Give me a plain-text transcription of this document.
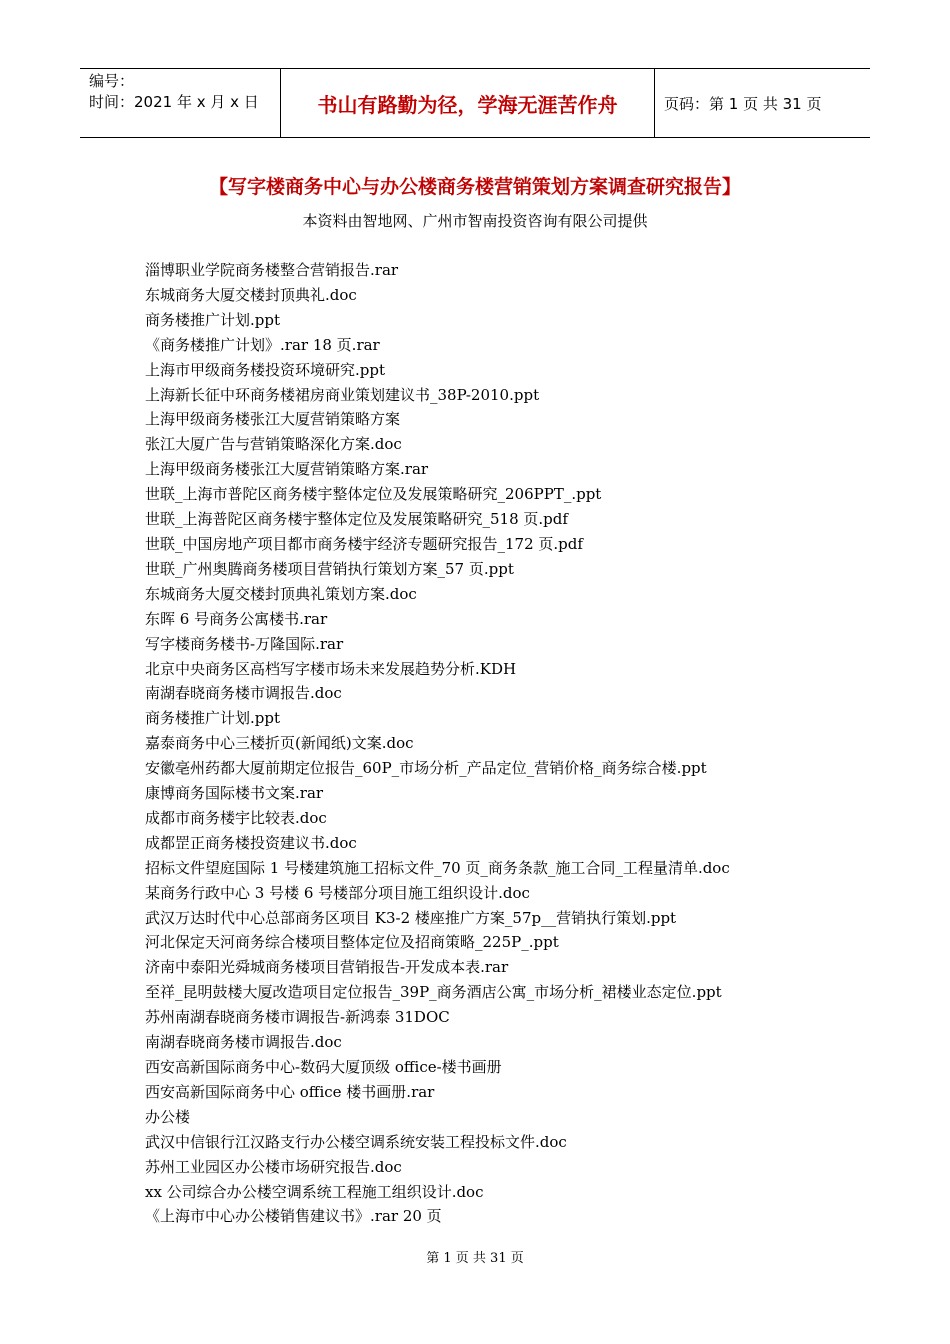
编号：
时间：2021 年 x 月 x 日	书山有路勤为径，学海无涯苦作舟	页码：第 1 页 共 31 页
【写字楼商务中心与办公楼商务楼营销策划方案调查研究报告】
本资料由智地网、广州市智南投资咨询有限公司提供
淄博职业学院商务楼整合营销报告.rar
东城商务大厦交楼封顶典礼.doc
商务楼推广计划.ppt
《商务楼推广计划》.rar 18 页.rar
上海市甲级商务楼投资环境研究.ppt
上海新长征中环商务楼裙房商业策划建议书_38P-2010.ppt
上海甲级商务楼张江大厦营销策略方案
张江大厦广告与营销策略深化方案.doc
上海甲级商务楼张江大厦营销策略方案.rar
世联_上海市普陀区商务楼宇整体定位及发展策略研究_206PPT_.ppt
世联_上海普陀区商务楼宇整体定位及发展策略研究_518 页.pdf
世联_中国房地产项目都市商务楼宇经济专题研究报告_172 页.pdf
世联_广州奥腾商务楼项目营销执行策划方案_57 页.ppt
东城商务大厦交楼封顶典礼策划方案.doc
东晖 6 号商务公寓楼书.rar
写字楼商务楼书-万隆国际.rar
北京中央商务区高档写字楼市场未来发展趋势分析.KDH
南湖春晓商务楼市调报告.doc
商务楼推广计划.ppt
嘉泰商务中心三楼折页(新闻纸)文案.doc
安徽亳州药都大厦前期定位报告_60P_市场分析_产品定位_营销价格_商务综合楼.ppt
康博商务国际楼书文案.rar
成都市商务楼宇比较表.doc
成都罡正商务楼投资建议书.doc
招标文件望庭国际 1 号楼建筑施工招标文件_70 页_商务条款_施工合同_工程量清单.doc
某商务行政中心 3 号楼 6 号楼部分项目施工组织设计.doc
武汉万达时代中心总部商务区项目 K3-2 楼座推广方案_57p__营销执行策划.ppt
河北保定天河商务综合楼项目整体定位及招商策略_225P_.ppt
济南中泰阳光舜城商务楼项目营销报告-开发成本表.rar
至祥_昆明鼓楼大厦改造项目定位报告_39P_商务酒店公寓_市场分析_裙楼业态定位.ppt
苏州南湖春晓商务楼市调报告-新鸿泰 31DOC
南湖春晓商务楼市调报告.doc
西安高新国际商务中心-数码大厦顶级 office-楼书画册
西安高新国际商务中心 office 楼书画册.rar
办公楼
武汉中信银行江汉路支行办公楼空调系统安装工程投标文件.doc
苏州工业园区办公楼市场研究报告.doc
xx 公司综合办公楼空调系统工程施工组织设计.doc
《上海市中心办公楼销售建议书》.rar 20 页
第 1 页 共 31 页
